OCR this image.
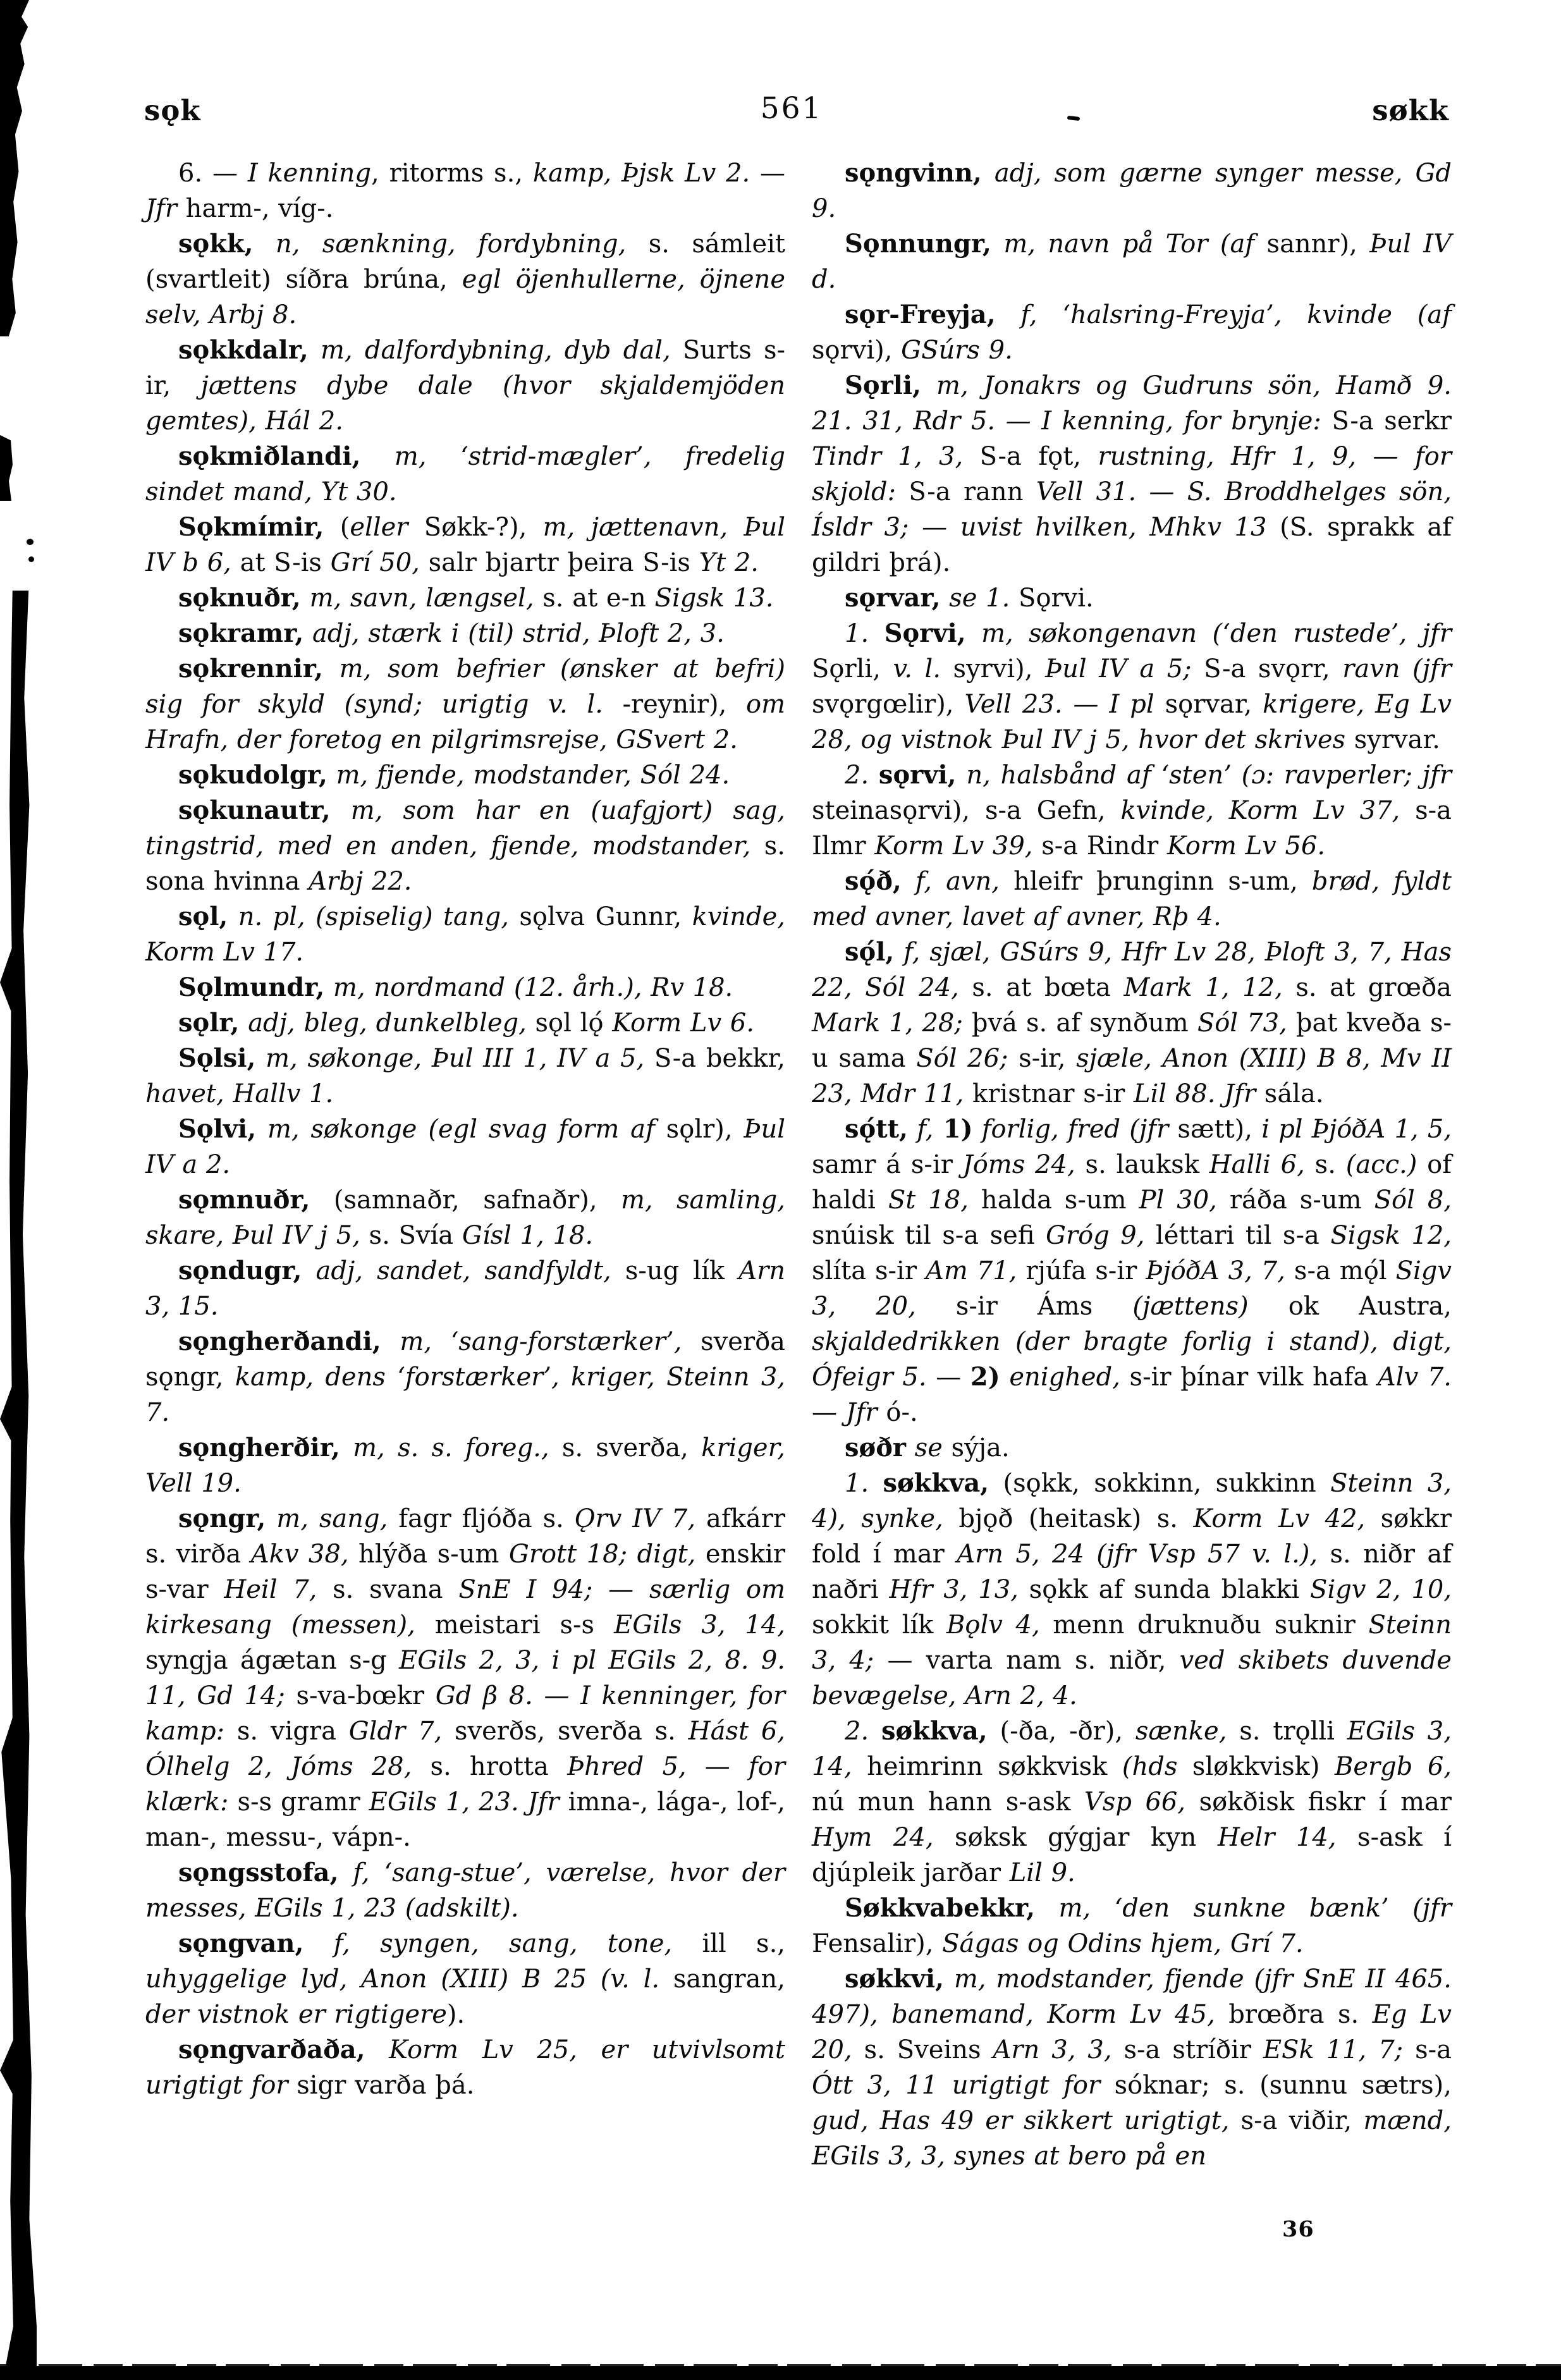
sǫk	561	søkk

6. — I kenning, ritorms s., kamp, Þjsk Lv 2. — Jfr harm-, víg-.

sǫkk, n, sænkning, fordybning, s. sámleit (svartleit) síðra brúna, egl öjenhullerne, öjnene selv, Arbj 8.

sǫkkdalr, m, dalfordybning, dyb dal, Surts s-ir, jættens dybe dale (hvor skjaldemjöden gemtes), Hál 2.

sǫkmiðlandi, m, ‘strid-mægler’, fredelig sindet mand, Yt 30.

Sǫkmímir, (eller Søkk-?), m, jættenavn, Þul IV b 6, at S-is Grí 50, salr bjartr þeira S-is Yt 2.

sǫknuðr, m, savn, længsel, s. at e-n Sigsk 13.

sǫkramr, adj, stærk i (til) strid, Þloft 2, 3.

sǫkrennir, m, som befrier (ønsker at befri) sig for skyld (synd; urigtig v. l. -reynir), om Hrafn, der foretog en pilgrimsrejse, GSvert 2.

sǫkudolgr, m, fjende, modstander, Sól 24.

sǫkunautr, m, som har en (uafgjort) sag, tingstrid, med en anden, fjende, modstander, s. sona hvinna Arbj 22.

sǫl, n. pl, (spiselig) tang, sǫlva Gunnr, kvinde, Korm Lv 17.

Sǫlmundr, m, nordmand (12. årh.), Rv 18.

sǫlr, adj, bleg, dunkelbleg, sǫl lǫ́ Korm Lv 6.

Sǫlsi, m, søkonge, Þul III 1, IV a 5, S-a bekkr, havet, Hallv 1.

Sǫlvi, m, søkonge (egl svag form af sǫlr), Þul IV a 2.

sǫmnuðr, (samnaðr, safnaðr), m, samling, skare, Þul IV j 5, s. Svía Gísl 1, 18.

sǫndugr, adj, sandet, sandfyldt, s-ug lík Arn 3, 15.

sǫngherðandi, m, ‘sang-forstærker’, sverða sǫngr, kamp, dens ‘forstærker’, kriger, Steinn 3, 7.

sǫngherðir, m, s. s. foreg., s. sverða, kriger, Vell 19.

sǫngr, m, sang, fagr fljóða s. Ǫrv IV 7, afkárr s. virða Akv 38, hlýða s-um Grott 18; digt, enskir s-var Heil 7, s. svana SnE I 94; — særlig om kirkesang (messen), meistari s-s EGils 3, 14, syngja ágætan s-g EGils 2, 3, i pl EGils 2, 8. 9. 11, Gd 14; s-va-bœkr Gd β 8. — I kenninger, for kamp: s. vigra Gldr 7, sverðs, sverða s. Hást 6, Ólhelg 2, Jóms 28, s. hrotta Þhred 5, — for klærk: s-s gramr EGils 1, 23. Jfr imna-, lága-, lof-, man-, messu-, vápn-.

sǫngsstofa, f, ‘sang-stue’, værelse, hvor der messes, EGils 1, 23 (adskilt).

sǫngvan, f, syngen, sang, tone, ill s., uhyggelige lyd, Anon (XIII) B 25 (v. l. sangran, der vistnok er rigtigere).

sǫngvarðaða, Korm Lv 25, er utvivlsomt urigtigt for sigr varða þá.

sǫngvinn, adj, som gærne synger messe, Gd 9.

Sǫnnungr, m, navn på Tor (af sannr), Þul IV d.

sǫr-Freyja, f, ‘halsring-Freyja’, kvinde (af sǫrvi), GSúrs 9.

Sǫrli, m, Jonakrs og Gudruns sön, Hamð 9. 21. 31, Rdr 5. — I kenning, for brynje: S-a serkr Tindr 1, 3, S-a fǫt, rustning, Hfr 1, 9, — for skjold: S-a rann Vell 31. — S. Broddhelges sön, Ísldr 3; — uvist hvilken, Mhkv 13 (S. sprakk af gildri þrá).

sǫrvar, se 1. Sǫrvi.

1. Sǫrvi, m, søkongenavn (‘den rustede’, jfr Sǫrli, v. l. syrvi), Þul IV a 5; S-a svǫrr, ravn (jfr svǫrgœlir), Vell 23. — I pl sǫrvar, krigere, Eg Lv 28, og vistnok Þul IV j 5, hvor det skrives syrvar.

2. sǫrvi, n, halsbånd af ‘sten’ (ɔ: ravperler; jfr steinasǫrvi), s-a Gefn, kvinde, Korm Lv 37, s-a Ilmr Korm Lv 39, s-a Rindr Korm Lv 56.

sǫ́ð, f, avn, hleifr þrunginn s-um, brød, fyldt med avner, lavet af avner, Rþ 4.

sǫ́l, f, sjæl, GSúrs 9, Hfr Lv 28, Þloft 3, 7, Has 22, Sól 24, s. at bœta Mark 1, 12, s. at grœða Mark 1, 28; þvá s. af synðum Sól 73, þat kveða s-u sama Sól 26; s-ir, sjæle, Anon (XIII) B 8, Mv II 23, Mdr 11, kristnar s-ir Lil 88. Jfr sála.

sǫ́tt, f, 1) forlig, fred (jfr sætt), i pl ÞjóðA 1, 5, samr á s-ir Jóms 24, s. lauksk Halli 6, s. (acc.) of haldi St 18, halda s-um Pl 30, ráða s-um Sól 8, snúisk til s-a sefi Gróg 9, léttari til s-a Sigsk 12, slíta s-ir Am 71, rjúfa s-ir ÞjóðA 3, 7, s-a mǫ́l Sigv 3, 20, s-ir Áms (jættens) ok Austra, skjaldedrikken (der bragte forlig i stand), digt, Ófeigr 5. — 2) enighed, s-ir þínar vilk hafa Alv 7. — Jfr ó-.

søðr se sýja.

1. søkkva, (sǫkk, sokkinn, sukkinn Steinn 3, 4), synke, bjǫð (heitask) s. Korm Lv 42, søkkr fold í mar Arn 5, 24 (jfr Vsp 57 v. l.), s. niðr af naðri Hfr 3, 13, sǫkk af sunda blakki Sigv 2, 10, sokkit lík Bǫlv 4, menn druknuðu suknir Steinn 3, 4; — varta nam s. niðr, ved skibets duvende bevægelse, Arn 2, 4.

2. søkkva, (-ða, -ðr), sænke, s. trǫlli EGils 3, 14, heimrinn søkkvisk (hds sløkkvisk) Bergb 6, nú mun hann s-ask Vsp 66, søkðisk fiskr í mar Hym 24, søksk gýgjar kyn Helr 14, s-ask í djúpleik jarðar Lil 9.

Søkkvabekkr, m, ‘den sunkne bænk’ (jfr Fensalir), Ságas og Odins hjem, Grí 7.

søkkvi, m, modstander, fjende (jfr SnE II 465. 497), banemand, Korm Lv 45, brœðra s. Eg Lv 20, s. Sveins Arn 3, 3, s-a stríðir ESk 11, 7; s-a Ótt 3, 11 urigtigt for sóknar; s. (sunnu sætrs), gud, Has 49 er sikkert urigtigt, s-a viðir, mænd, EGils 3, 3, synes at bero på en

36
